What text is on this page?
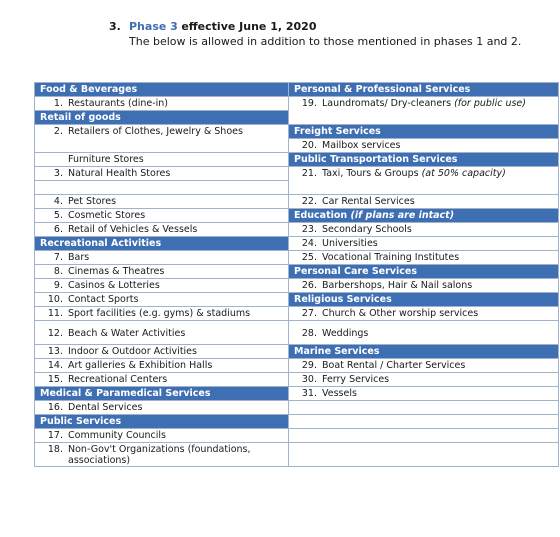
3. Phase 3 effective June 1, 2020
The below is allowed in addition to those mentioned in phases 1 and 2.
Food & Beverages	Personal & Professional Services

1. Restaurants (dine-in)	19. Laundromats/ Dry-cleaners (for public use)

Retail of goods	

2. Retailers of Clothes, Jewelry & Shoes	Freight Services

	20. Mailbox services

Furniture Stores	Public Transportation Services

3. Natural Health Stores	21. Taxi, Tours & Groups (at 50% capacity)

4. Pet Stores	22. Car Rental Services

5. Cosmetic Stores	Education (if plans are intact)

6. Retail of Vehicles & Vessels	23. Secondary Schools

Recreational Activities	24. Universities

7. Bars	25. Vocational Training Institutes

8. Cinemas & Theatres	Personal Care Services

9. Casinos & Lotteries	26. Barbershops, Hair & Nail salons

10. Contact Sports	Religious Services

11. Sport facilities (e.g. gyms) & stadiums	27. Church & Other worship services

12. Beach & Water Activities	28. Weddings

13. Indoor & Outdoor Activities	Marine Services

14. Art galleries & Exhibition Halls	29. Boat Rental / Charter Services

15. Recreational Centers	30. Ferry Services

Medical & Paramedical Services	31. Vessels

16. Dental Services	

Public Services	

17. Community Councils	

18. Non-Gov't Organizations (foundations, associations)	
